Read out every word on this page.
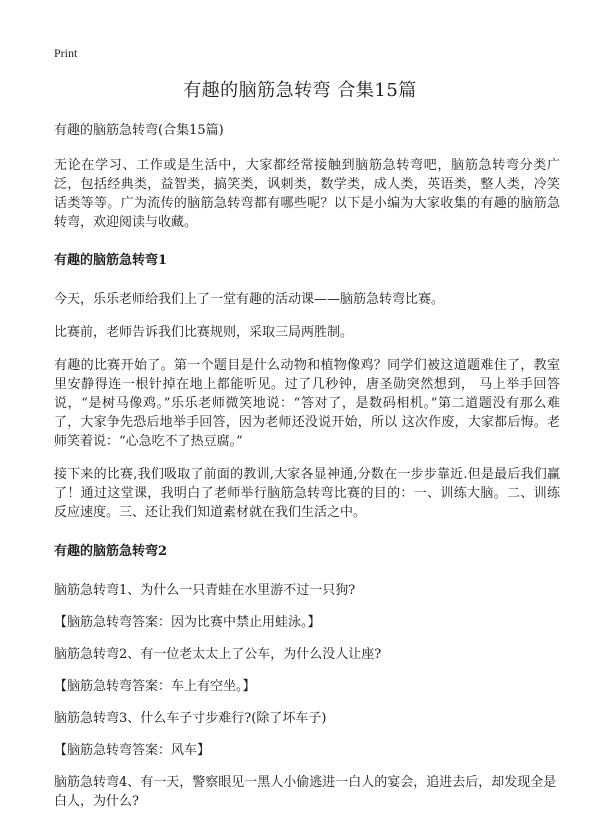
Print
有趣的脑筋急转弯 合集15篇

有趣的脑筋急转弯(合集15篇)

无论在学习、工作或是生活中，大家都经常接触到脑筋急转弯吧，脑筋急转弯分类广泛，包括经典类，益智类，搞笑类，讽刺类，数学类，成人类，英语类，整人类，冷笑话类等等。广为流传的脑筋急转弯都有哪些呢？以下是小编为大家收集的有趣的脑筋急转弯，欢迎阅读与收藏。

有趣的脑筋急转弯1

今天，乐乐老师给我们上了一堂有趣的活动课——脑筋急转弯比赛。

比赛前，老师告诉我们比赛规则，采取三局两胜制。

有趣的比赛开始了。第一个题目是什么动物和植物像鸡？同学们被这道题难住了，教室里安静得连一根针掉在地上都能听见。过了几秒钟，唐圣勋突然想到， 马上举手回答说，“是树马像鸡。”乐乐老师微笑地说：“答对了，是数码相机。”第二道题没有那么难了，大家争先恐后地举手回答，因为老师还没说开始，所以 这次作废，大家都后悔。老师笑着说：“心急吃不了热豆腐。”

接下来的比赛,我们吸取了前面的教训,大家各显神通,分数在一步步靠近.但是最后我们赢了！通过这堂课，我明白了老师举行脑筋急转弯比赛的目的：一、训练大脑。二、训练反应速度。三、还让我们知道素材就在我们生活之中。

有趣的脑筋急转弯2

脑筋急转弯1、为什么一只青蛙在水里游不过一只狗?

【脑筋急转弯答案：因为比赛中禁止用蛙泳。】

脑筋急转弯2、有一位老太太上了公车，为什么没人让座?

【脑筋急转弯答案：车上有空坐。】

脑筋急转弯3、什么车子寸步难行?(除了坏车子)

【脑筋急转弯答案：风车】

脑筋急转弯4、有一天，警察眼见一黑人小偷逃进一白人的宴会，追进去后，却发现全是白人，为什么?
